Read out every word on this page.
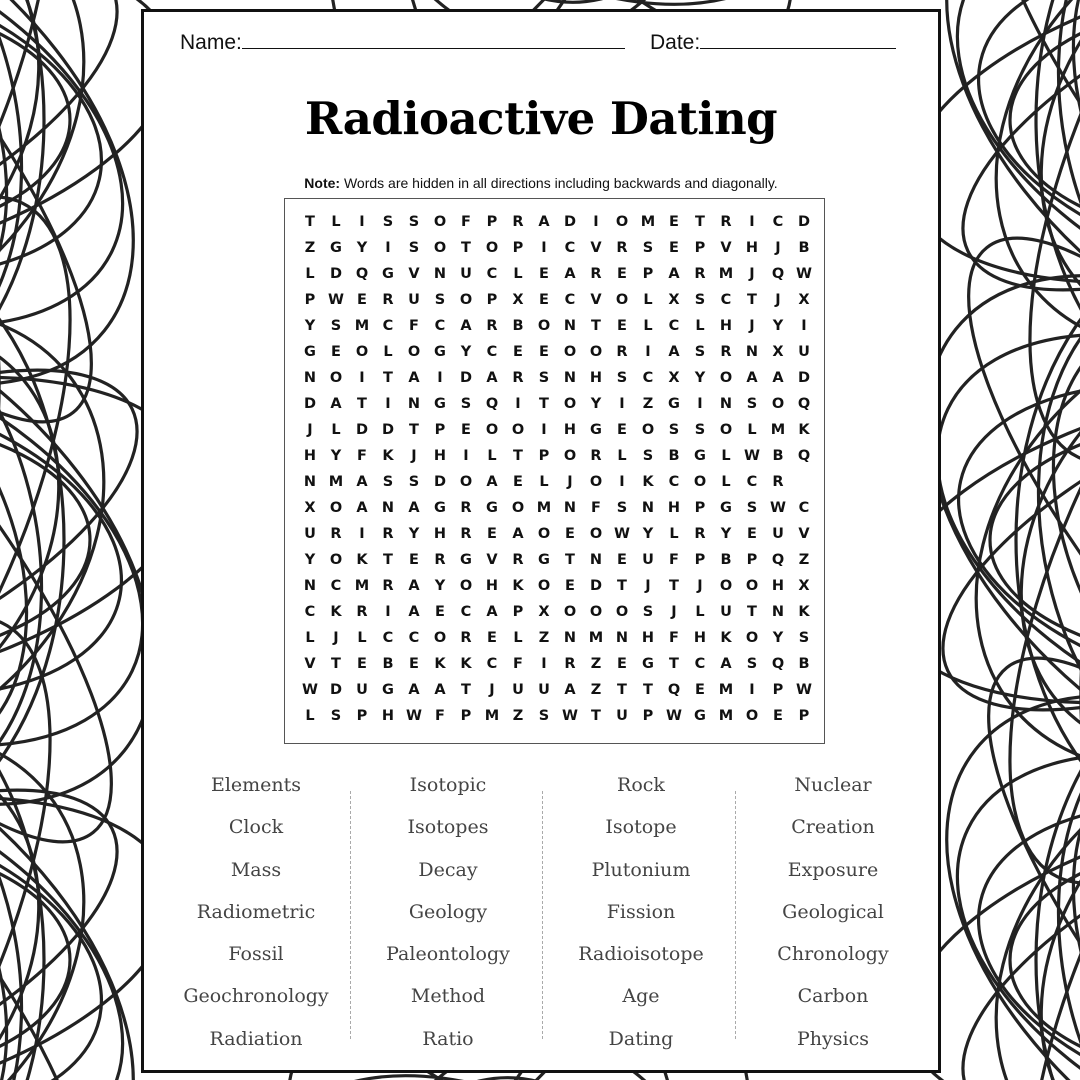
Name:	Date:
Radioactive Dating
Note: Words are hidden in all directions including backwards and diagonally.
T	L	I	S	S	O	F	P	R	A D	I	O M E	T	R	I	C	D
Z	G	Y	I	S	O	T	O	P	I	C	V	R	S	E	P	V H	J	B
L	D Q G V N U	C	L	E	A	R	E	P	A	R M	J	Q W
P W E	R	U	S	O	P	X	E	C	V O	L	X	S	C	T	J	X
Y	S M C	F	C	A	R	B O N	T	E	L	C	L	H	J	Y	I
G	E	O	L	O G	Y	C	E	E	O O R	I	A	S	R N X	U
N O	I	T	A	I	D A	R	S	N H	S	C	X	Y	O A	A D
D A	T	I	N G	S	Q	I	T	O	Y	I	Z	G	I	N	S	O Q
J	L	D D	T	P	E	O O	I	H G	E	O	S	S	O	L M K
H	Y	F	K	J	H	I	L	T	P	O R	L	S	B	G	L W B Q
N M A	S	S	D O A	E	L	J	O	I	K	C	O	L	C	R
X O A N A G R G O M N	F	S	N H	P	G	S W C
U	R	I	R	Y	H R	E	A O	E	O W Y	L	R	Y	E	U V
Y	O K	T	E	R G V	R G	T	N	E	U	F	P	B	P	Q	Z
N	C M R	A	Y	O H K O	E	D	T	J	T	J	O O H X
C	K	R	I	A	E	C	A	P	X O O O	S	J	L	U	T	N K
L	J	L	C	C	O R	E	L	Z	N M N H	F	H K O	Y	S
V	T	E	B	E	K	K	C	F	I	R	Z	E	G	T	C	A	S	Q B
W D U G A	A	T	J	U U A	Z	T	T	Q	E M	I	P W
L	S	P	H W F	P M Z	S W T	U	P W G M O	E	P
Elements
Clock
Mass
Radiometric
Fossil
Geochronology
Radiation
Isotopic
Isotopes
Decay
Geology
Paleontology
Method
Ratio
Rock
Isotope
Plutonium
Fission
Radioisotope
Age
Dating
Nuclear
Creation
Exposure
Geological
Chronology
Carbon
Physics
